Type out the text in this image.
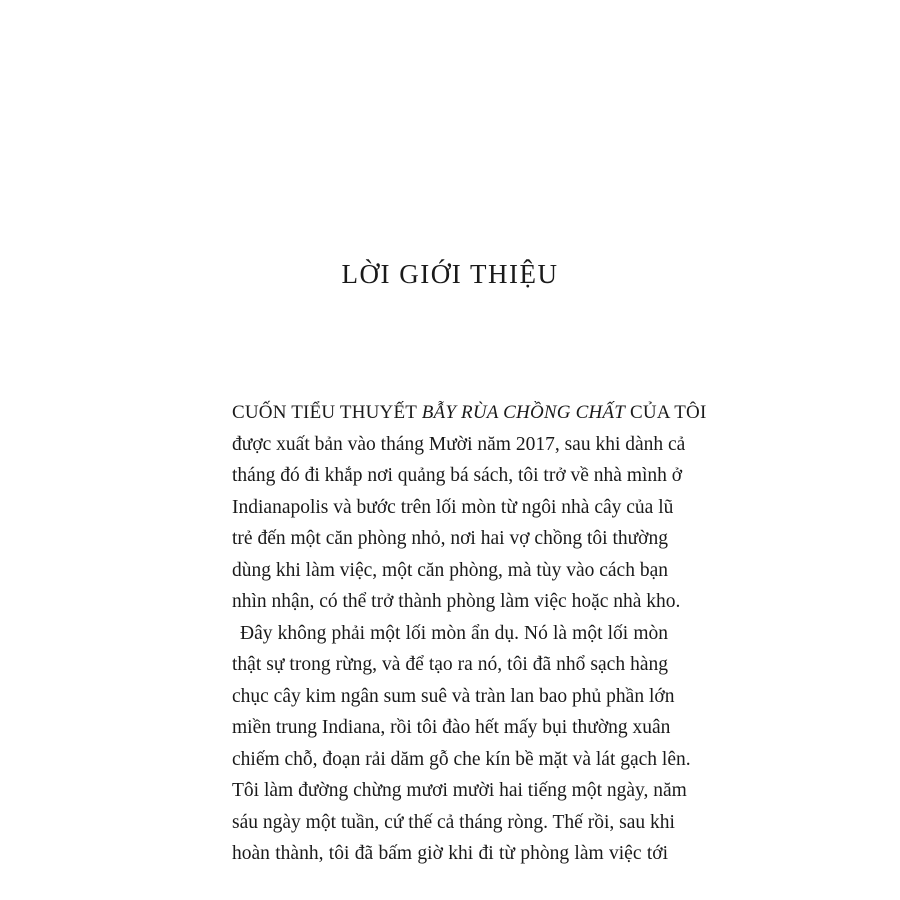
LỜI GIỚI THIỆU
CUỐN TIỂU THUYẾT BẪY RÙA CHỒNG CHẤT CỦA TÔI
được xuất bản vào tháng Mười năm 2017, sau khi dành cả
tháng đó đi khắp nơi quảng bá sách, tôi trở về nhà mình ở
Indianapolis và bước trên lối mòn từ ngôi nhà cây của lũ
trẻ đến một căn phòng nhỏ, nơi hai vợ chồng tôi thường
dùng khi làm việc, một căn phòng, mà tùy vào cách bạn
nhìn nhận, có thể trở thành phòng làm việc hoặc nhà kho.
Đây không phải một lối mòn ẩn dụ. Nó là một lối mòn
thật sự trong rừng, và để tạo ra nó, tôi đã nhổ sạch hàng
chục cây kim ngân sum suê và tràn lan bao phủ phần lớn
miền trung Indiana, rồi tôi đào hết mấy bụi thường xuân
chiếm chỗ, đoạn rải dăm gỗ che kín bề mặt và lát gạch lên.
Tôi làm đường chừng mươi mười hai tiếng một ngày, năm
sáu ngày một tuần, cứ thế cả tháng ròng. Thế rồi, sau khi
hoàn thành, tôi đã bấm giờ khi đi từ phòng làm việc tới
